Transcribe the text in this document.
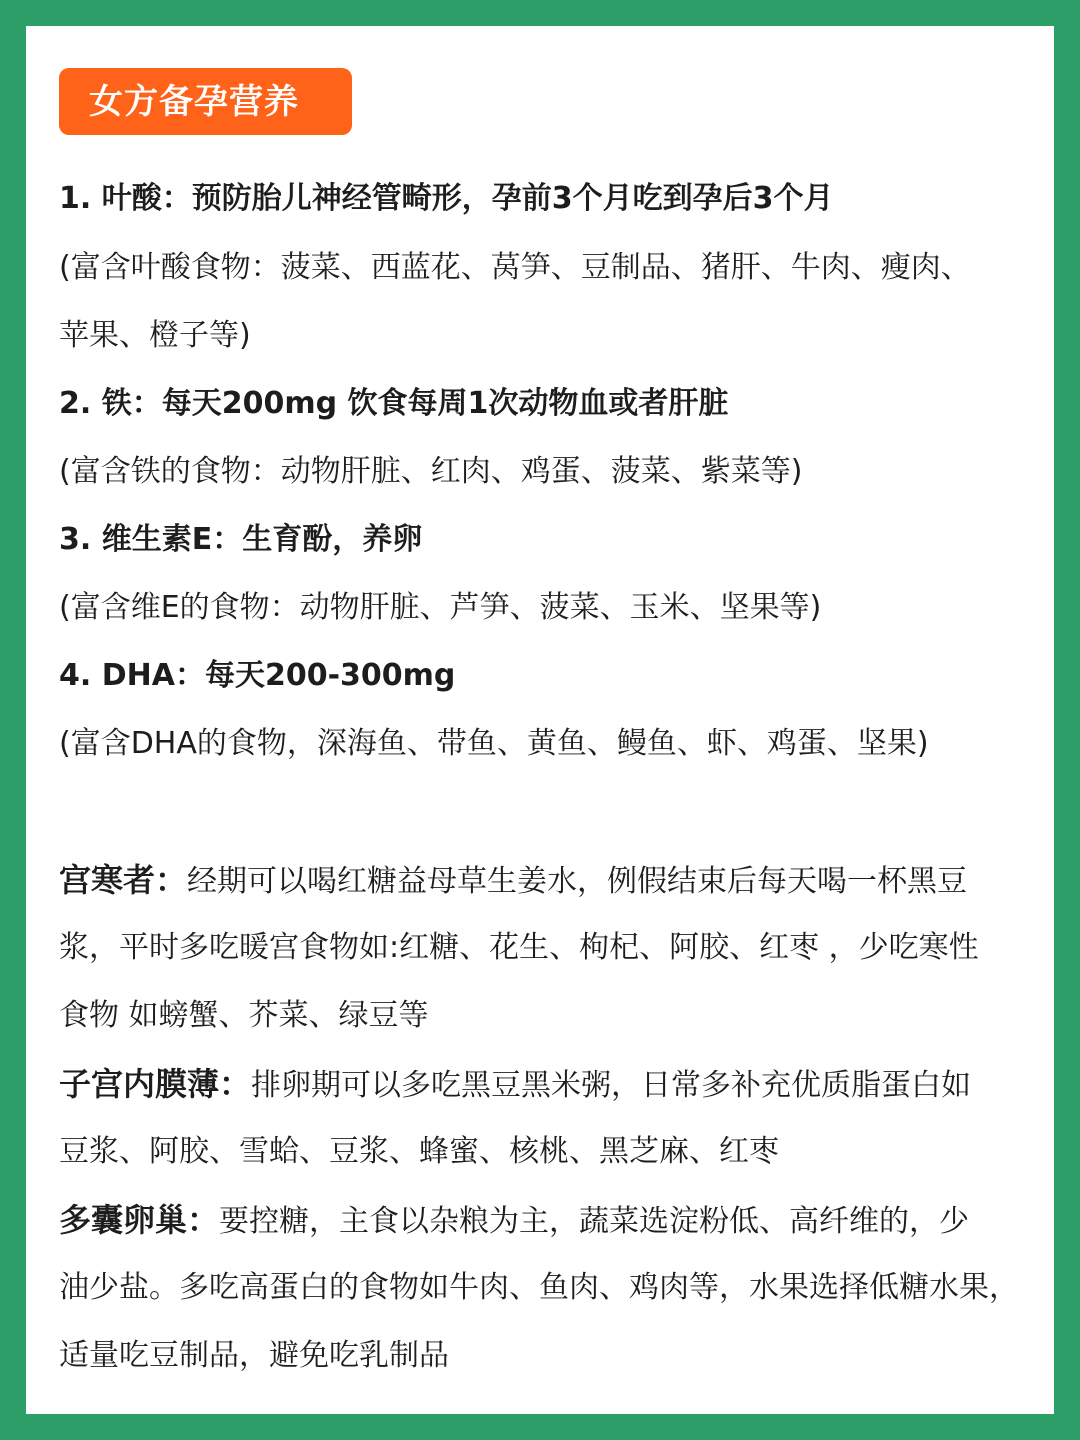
女方备孕营养
1. 叶酸：预防胎儿神经管畸形，孕前3个月吃到孕后3个月
(富含叶酸食物：菠菜、西蓝花、莴笋、豆制品、猪肝、牛肉、瘦肉、
苹果、橙子等)
2. 铁：每天200mg 饮食每周1次动物血或者肝脏
(富含铁的食物：动物肝脏、红肉、鸡蛋、菠菜、紫菜等)
3. 维生素E：生育酚，养卵
(富含维E的食物：动物肝脏、芦笋、菠菜、玉米、坚果等)
4. DHA：每天200-300mg
(富含DHA的食物，深海鱼、带鱼、黄鱼、鳗鱼、虾、鸡蛋、坚果)
宫寒者：经期可以喝红糖益母草生姜水，例假结束后每天喝一杯黑豆
浆，平时多吃暖宫食物如:红糖、花生、枸杞、阿胶、红枣 ，少吃寒性
食物 如螃蟹、芥菜、绿豆等
子宫内膜薄：排卵期可以多吃黑豆黑米粥，日常多补充优质脂蛋白如
豆浆、阿胶、雪蛤、豆浆、蜂蜜、核桃、黑芝麻、红枣
多囊卵巢：要控糖，主食以杂粮为主，蔬菜选淀粉低、高纤维的，少
油少盐。多吃高蛋白的食物如牛肉、鱼肉、鸡肉等，水果选择低糖水果，
适量吃豆制品，避免吃乳制品
